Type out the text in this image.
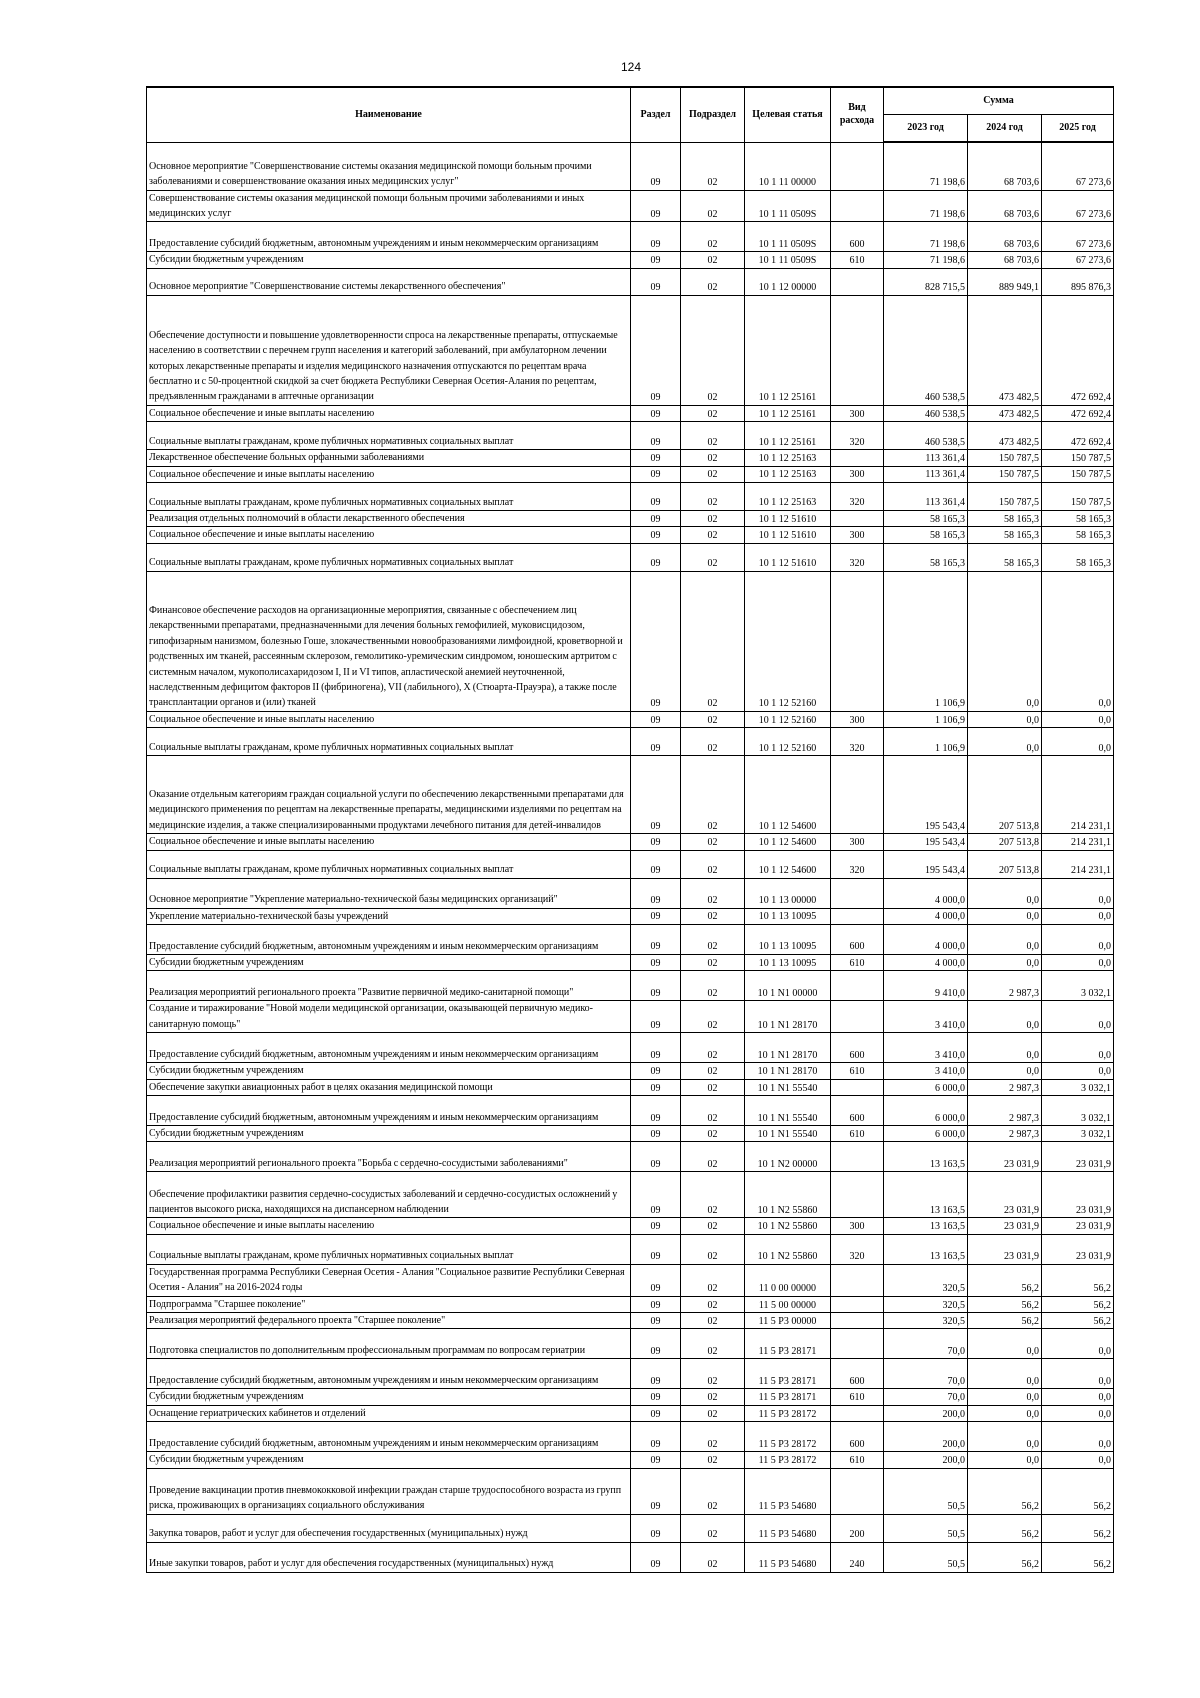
124
Наименование	Раздел	Подраздел	Целевая статья	Вид расхода	Сумма		
					2023 год	2024 год	2025 год
Основное мероприятие "Совершенствование системы оказания медицинской помощи больным прочими заболеваниями и совершенствование оказания иных медицинских услуг"	09	02	10 1 11 00000		71 198,6	68 703,6	67 273,6
Совершенствование системы оказания медицинской помощи больным прочими заболеваниями и иных медицинских услуг	09	02	10 1 11 0509S		71 198,6	68 703,6	67 273,6
Предоставление субсидий бюджетным, автономным учреждениям и иным некоммерческим организациям	09	02	10 1 11 0509S	600	71 198,6	68 703,6	67 273,6
Субсидии бюджетным учреждениям	09	02	10 1 11 0509S	610	71 198,6	68 703,6	67 273,6
Основное мероприятие "Совершенствование системы лекарственного обеспечения"	09	02	10 1 12 00000		828 715,5	889 949,1	895 876,3
Обеспечение доступности и повышение удовлетворенности спроса на лекарственные препараты, отпускаемые населению в соответствии с перечнем групп населения и категорий заболеваний, при амбулаторном лечении которых лекарственные препараты и изделия медицинского назначения отпускаются по рецептам врача бесплатно и с 50-процентной скидкой за счет бюджета Республики Северная Осетия-Алания по рецептам, предъявленным гражданами в аптечные организации	09	02	10 1 12 25161		460 538,5	473 482,5	472 692,4
Социальное обеспечение и иные выплаты населению	09	02	10 1 12 25161	300	460 538,5	473 482,5	472 692,4
Социальные выплаты гражданам, кроме публичных нормативных социальных выплат	09	02	10 1 12 25161	320	460 538,5	473 482,5	472 692,4
Лекарственное обеспечение больных орфанными заболеваниями	09	02	10 1 12 25163		113 361,4	150 787,5	150 787,5
Социальное обеспечение и иные выплаты населению	09	02	10 1 12 25163	300	113 361,4	150 787,5	150 787,5
Социальные выплаты гражданам, кроме публичных нормативных социальных выплат	09	02	10 1 12 25163	320	113 361,4	150 787,5	150 787,5
Реализация отдельных полномочий в области лекарственного обеспечения	09	02	10 1 12 51610		58 165,3	58 165,3	58 165,3
Социальное обеспечение и иные выплаты населению	09	02	10 1 12 51610	300	58 165,3	58 165,3	58 165,3
Социальные выплаты гражданам, кроме публичных нормативных социальных выплат	09	02	10 1 12 51610	320	58 165,3	58 165,3	58 165,3
Финансовое обеспечение расходов на организационные мероприятия, связанные с обеспечением лиц лекарственными препаратами, предназначенными для лечения больных гемофилией, муковисцидозом, гипофизарным нанизмом, болезнью Гоше, злокачественными новообразованиями лимфоидной, кроветворной и родственных им тканей, рассеянным склерозом, гемолитико-уремическим синдромом, юношеским артритом с системным началом, мукополисахаридозом I, II и VI типов, апластической анемией неуточненной, наследственным дефицитом факторов II (фибриногена), VII (лабильного), X (Стюарта-Прауэра), а также после трансплантации органов и (или) тканей	09	02	10 1 12 52160		1 106,9	0,0	0,0
Социальное обеспечение и иные выплаты населению	09	02	10 1 12 52160	300	1 106,9	0,0	0,0
Социальные выплаты гражданам, кроме публичных нормативных социальных выплат	09	02	10 1 12 52160	320	1 106,9	0,0	0,0
Оказание отдельным категориям граждан социальной услуги по обеспечению лекарственными препаратами для медицинского применения по рецептам на лекарственные препараты, медицинскими изделиями по рецептам на медицинские изделия, а также специализированными продуктами лечебного питания для детей-инвалидов	09	02	10 1 12 54600		195 543,4	207 513,8	214 231,1
Социальное обеспечение и иные выплаты населению	09	02	10 1 12 54600	300	195 543,4	207 513,8	214 231,1
Социальные выплаты гражданам, кроме публичных нормативных социальных выплат	09	02	10 1 12 54600	320	195 543,4	207 513,8	214 231,1
Основное мероприятие "Укрепление материально-технической базы медицинских организаций"	09	02	10 1 13 00000		4 000,0	0,0	0,0
Укрепление материально-технической базы учреждений	09	02	10 1 13 10095		4 000,0	0,0	0,0
Предоставление субсидий бюджетным, автономным учреждениям и иным некоммерческим организациям	09	02	10 1 13 10095	600	4 000,0	0,0	0,0
Субсидии бюджетным учреждениям	09	02	10 1 13 10095	610	4 000,0	0,0	0,0
Реализация мероприятий регионального проекта "Развитие первичной медико-санитарной помощи"	09	02	10 1 N1 00000		9 410,0	2 987,3	3 032,1
Создание и тиражирование "Новой модели медицинской организации, оказывающей первичную медико-санитарную помощь"	09	02	10 1 N1 28170		3 410,0	0,0	0,0
Предоставление субсидий бюджетным, автономным учреждениям и иным некоммерческим организациям	09	02	10 1 N1 28170	600	3 410,0	0,0	0,0
Субсидии бюджетным учреждениям	09	02	10 1 N1 28170	610	3 410,0	0,0	0,0
Обеспечение закупки авиационных работ в целях оказания медицинской помощи	09	02	10 1 N1 55540		6 000,0	2 987,3	3 032,1
Предоставление субсидий бюджетным, автономным учреждениям и иным некоммерческим организациям	09	02	10 1 N1 55540	600	6 000,0	2 987,3	3 032,1
Субсидии бюджетным учреждениям	09	02	10 1 N1 55540	610	6 000,0	2 987,3	3 032,1
Реализация мероприятий регионального проекта "Борьба с сердечно-сосудистыми заболеваниями"	09	02	10 1 N2 00000		13 163,5	23 031,9	23 031,9
Обеспечение профилактики развития сердечно-сосудистых заболеваний и сердечно-сосудистых осложнений у пациентов высокого риска, находящихся на диспансерном наблюдении	09	02	10 1 N2 55860		13 163,5	23 031,9	23 031,9
Социальное обеспечение и иные выплаты населению	09	02	10 1 N2 55860	300	13 163,5	23 031,9	23 031,9
Социальные выплаты гражданам, кроме публичных нормативных социальных выплат	09	02	10 1 N2 55860	320	13 163,5	23 031,9	23 031,9
Государственная программа Республики Северная Осетия - Алания "Социальное развитие Республики Северная Осетия - Алания" на 2016-2024 годы	09	02	11 0 00 00000		320,5	56,2	56,2
Подпрограмма "Старшее поколение"	09	02	11 5 00 00000		320,5	56,2	56,2
Реализация мероприятий федерального проекта "Старшее поколение"	09	02	11 5 P3 00000		320,5	56,2	56,2
Подготовка специалистов по дополнительным профессиональным программам по вопросам гериатрии	09	02	11 5 P3 28171		70,0	0,0	0,0
Предоставление субсидий бюджетным, автономным учреждениям и иным некоммерческим организациям	09	02	11 5 P3 28171	600	70,0	0,0	0,0
Субсидии бюджетным учреждениям	09	02	11 5 P3 28171	610	70,0	0,0	0,0
Оснащение гериатрических кабинетов и отделений	09	02	11 5 P3 28172		200,0	0,0	0,0
Предоставление субсидий бюджетным, автономным учреждениям и иным некоммерческим организациям	09	02	11 5 P3 28172	600	200,0	0,0	0,0
Субсидии бюджетным учреждениям	09	02	11 5 P3 28172	610	200,0	0,0	0,0
Проведение вакцинации против пневмококковой инфекции граждан старше трудоспособного возраста из групп риска, проживающих в организациях социального обслуживания	09	02	11 5 P3 54680		50,5	56,2	56,2
Закупка товаров, работ и услуг для обеспечения государственных (муниципальных) нужд	09	02	11 5 P3 54680	200	50,5	56,2	56,2
Иные закупки товаров, работ и услуг для обеспечения государственных (муниципальных) нужд	09	02	11 5 P3 54680	240	50,5	56,2	56,2
